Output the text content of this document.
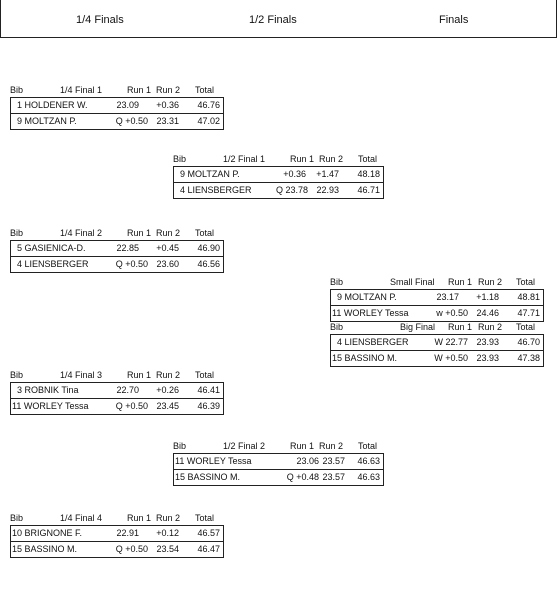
1/4 Finals	1/2 Finals	Finals
Bib	1/4 Final 1	Run 1 Run 2 Total
1 HOLDENER W.	23.09 +0.36 46.76
9 MOLTZAN P.	Q +0.50 23.31 47.02
Bib	1/2 Final 1	Run 1 Run 2 Total
9 MOLTZAN P.	+0.36 +1.47 48.18
4 LIENSBERGER	Q 23.78 22.93 46.71
Bib	1/4 Final 2	Run 1 Run 2 Total
5 GASIENICA-D.	22.85 +0.45 46.90
4 LIENSBERGER	Q +0.50 23.60 46.56
Bib	Small Final Run 1 Run 2 Total
9 MOLTZAN P.	23.17 +1.18 48.81
11 WORLEY Tessa	w +0.50 24.46 47.71
Bib	Big Final Run 1 Run 2 Total
4 LIENSBERGER	W 22.77 23.93 46.70
15 BASSINO M.	W +0.50 23.93 47.38
Bib	1/4 Final 3	Run 1 Run 2 Total
3 ROBNIK Tina	22.70 +0.26 46.41
11 WORLEY Tessa	Q +0.50 23.45 46.39
Bib	1/2 Final 2	Run 1 Run 2 Total
11 WORLEY Tessa	23.06 23.57 46.63
15 BASSINO M.	Q +0.48 23.57 46.63
Bib	1/4 Final 4	Run 1 Run 2 Total
10 BRIGNONE F.	22.91 +0.12 46.57
15 BASSINO M.	Q +0.50 23.54 46.47
